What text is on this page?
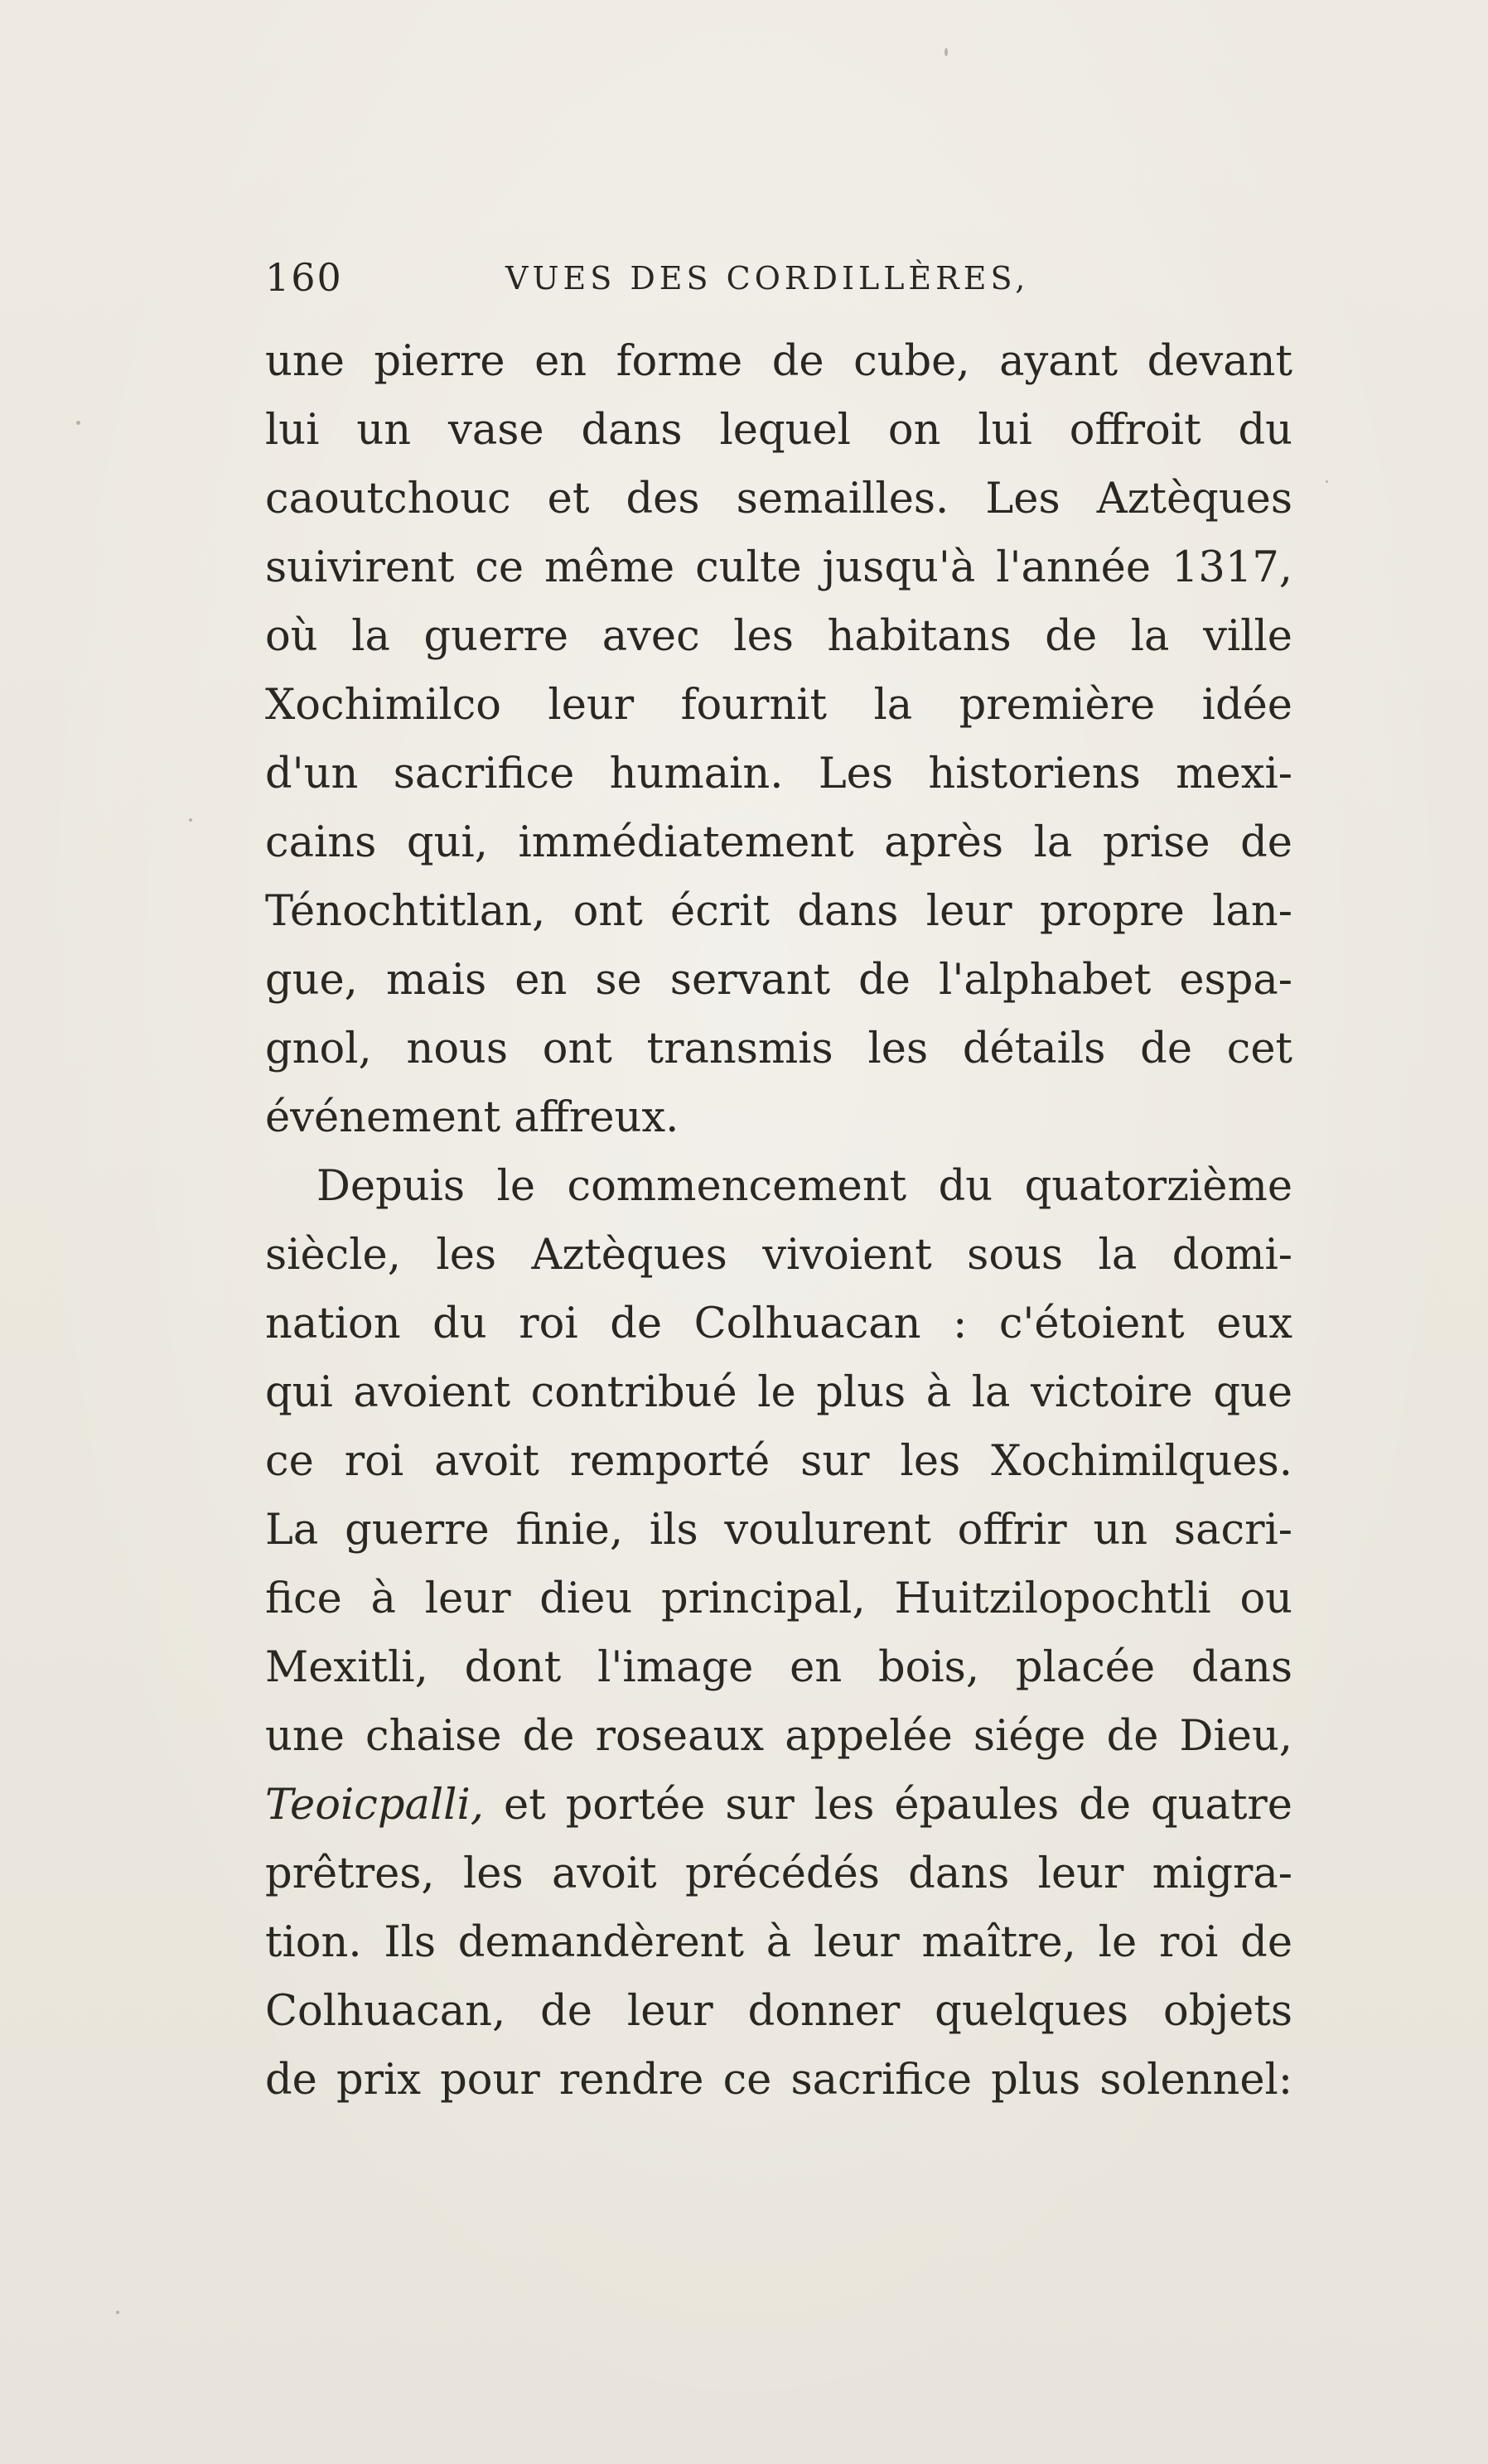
160	VUES DES CORDILLÈRES,
une pierre en forme de cube, ayant devant
lui un vase dans lequel on lui offroit du
caoutchouc et des semailles. Les Aztèques
suivirent ce même culte jusqu'à l'année 1317,
où la guerre avec les habitans de la ville
Xochimilco leur fournit la première idée
d'un sacrifice humain. Les historiens mexi-
cains qui, immédiatement après la prise de
Ténochtitlan, ont écrit dans leur propre lan-
gue, mais en se servant de l'alphabet espa-
gnol, nous ont transmis les détails de cet
événement affreux.
Depuis le commencement du quatorzième
siècle, les Aztèques vivoient sous la domi-
nation du roi de Colhuacan : c'étoient eux
qui avoient contribué le plus à la victoire que
ce roi avoit remporté sur les Xochimilques.
La guerre finie, ils voulurent offrir un sacri-
fice à leur dieu principal, Huitzilopochtli ou
Mexitli, dont l'image en bois, placée dans
une chaise de roseaux appelée siége de Dieu,
Teoicpalli, et portée sur les épaules de quatre
prêtres, les avoit précédés dans leur migra-
tion. Ils demandèrent à leur maître, le roi de
Colhuacan, de leur donner quelques objets
de prix pour rendre ce sacrifice plus solennel:
